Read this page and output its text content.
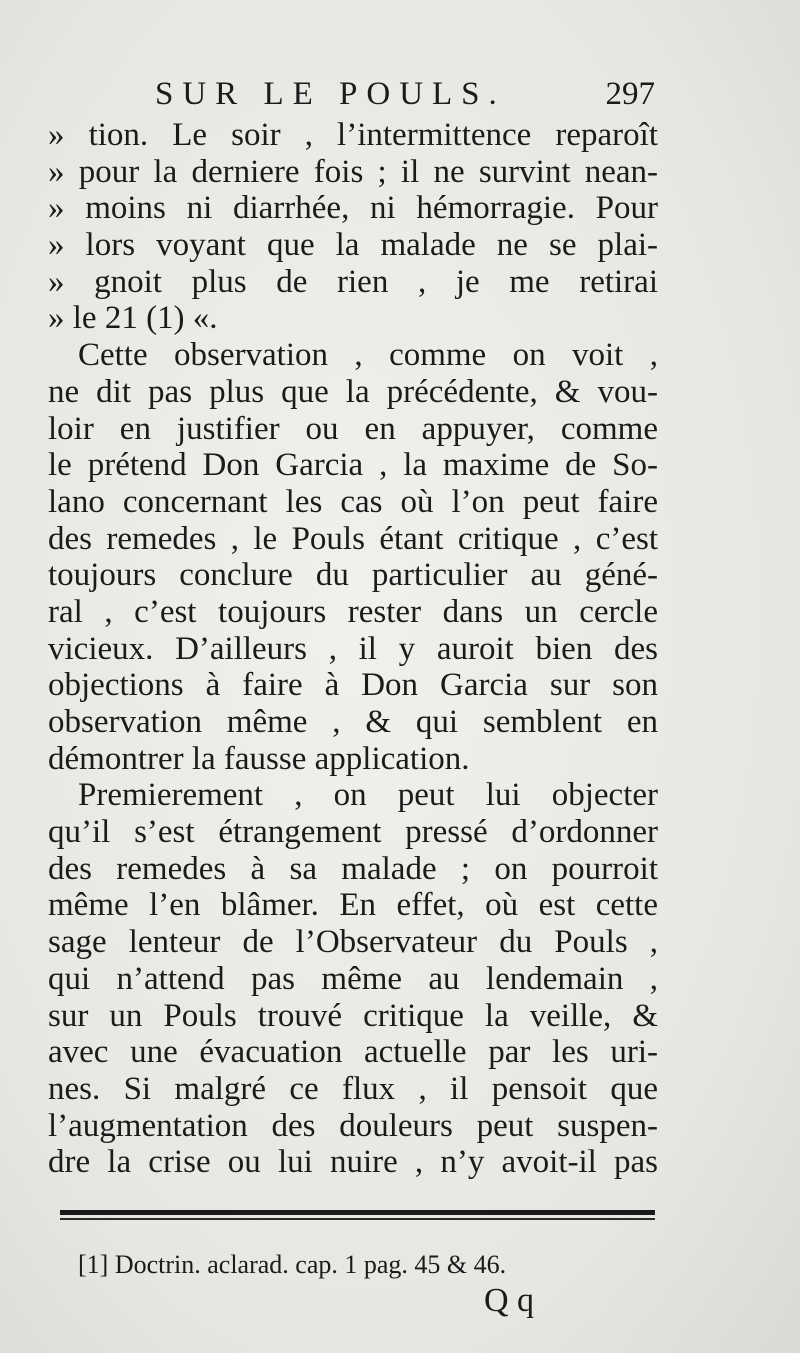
SUR LE POULS.	297
» tion. Le soir , l’intermittence reparoît
» pour la derniere fois ; il ne survint nean-
» moins ni diarrhée, ni hémorragie. Pour
» lors voyant que la malade ne se plai-
» gnoit plus de rien , je me retirai
» le 21 (1) «.
Cette observation , comme on voit ,
ne dit pas plus que la précédente, & vou-
loir en justifier ou en appuyer, comme
le prétend Don Garcia , la maxime de So-
lano concernant les cas où l’on peut faire
des remedes , le Pouls étant critique , c’est
toujours conclure du particulier au géné-
ral , c’est toujours rester dans un cercle
vicieux. D’ailleurs , il y auroit bien des
objections à faire à Don Garcia sur son
observation même , & qui semblent en
démontrer la fausse application.
Premierement , on peut lui objecter
qu’il s’est étrangement pressé d’ordonner
des remedes à sa malade ; on pourroit
même l’en blâmer. En effet, où est cette
sage lenteur de l’Observateur du Pouls ,
qui n’attend pas même au lendemain ,
sur un Pouls trouvé critique la veille, &
avec une évacuation actuelle par les uri-
nes. Si malgré ce flux , il pensoit que
l’augmentation des douleurs peut suspen-
dre la crise ou lui nuire , n’y avoit-il pas
[1] Doctrin. aclarad. cap. 1 pag. 45 & 46.
Q q
